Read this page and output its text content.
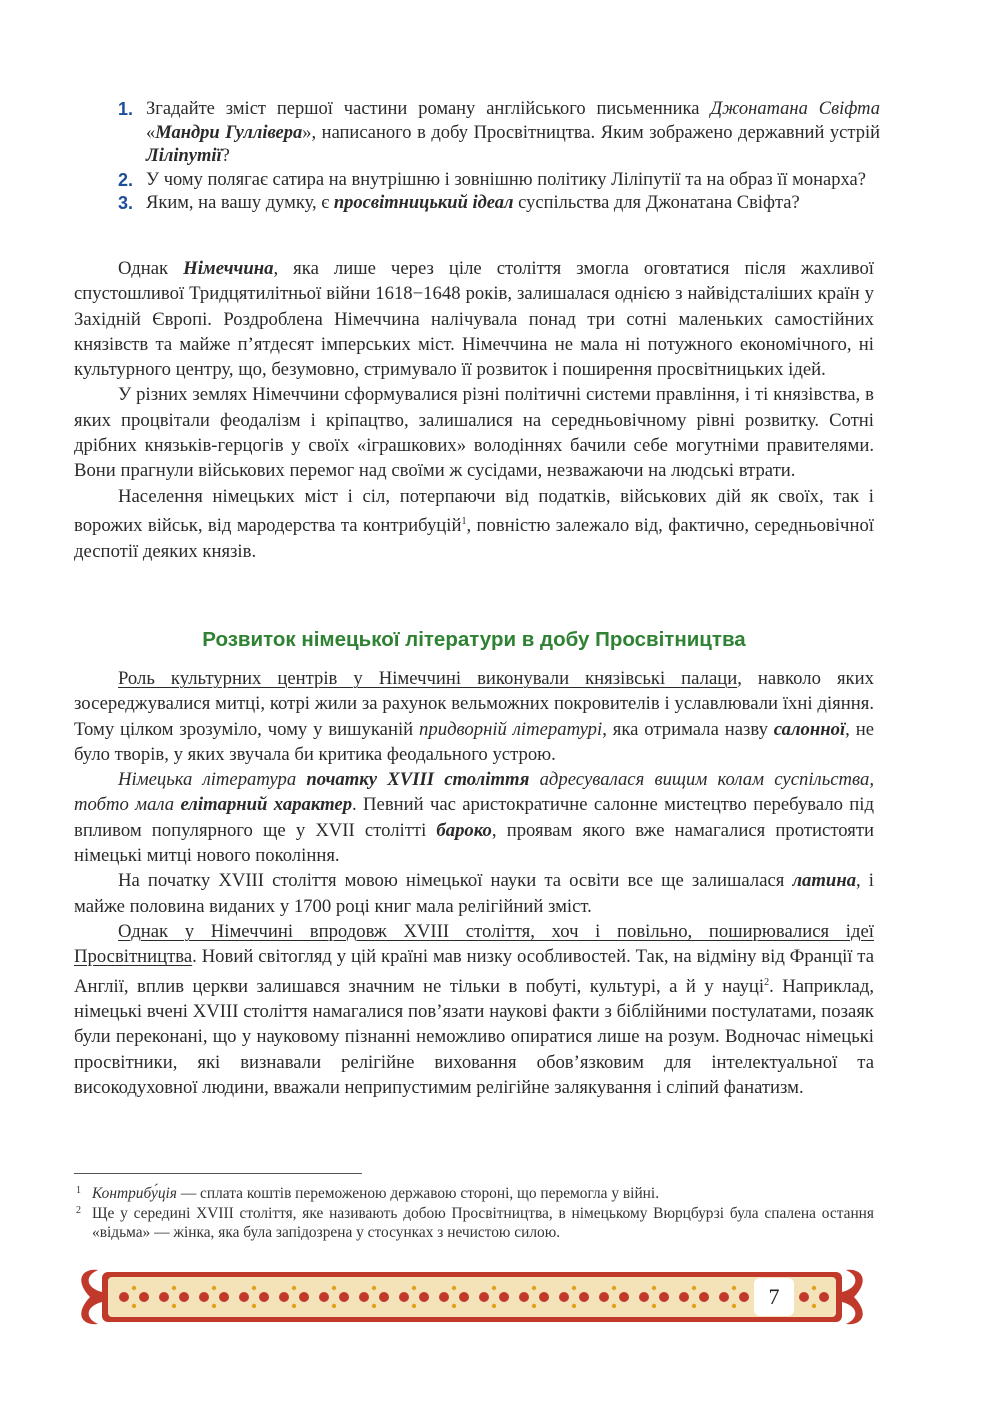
1. Згадайте зміст першої частини роману англійського письменника Джонатана Свіфта «Мандри Гуллівера», написаного в добу Просвітництва. Яким зображено державний устрій Ліліпутії?
2. У чому полягає сатира на внутрішню і зовнішню політику Ліліпутії та на образ її монарха?
3. Яким, на вашу думку, є просвітницький ідеал суспільства для Джонатана Свіфта?

Однак Німеччина, яка лише через ціле століття змогла оговтатися після жахливої спустошливої Тридцятилітньої війни 1618−1648 років, залишалася однією з найвідсталіших країн у Західній Європі. Роздроблена Німеччина налічувала понад три сотні маленьких самостійних князівств та майже п’ятдесят імперських міст. Німеччина не мала ні потужного економічного, ні культурного центру, що, безумовно, стримувало її розвиток і поширення просвітницьких ідей.

У різних землях Німеччини сформувалися різні політичні системи правління, і ті князівства, в яких процвітали феодалізм і кріпацтво, залишалися на середньовічному рівні розвитку. Сотні дрібних князьків-герцогів у своїх «іграшкових» володіннях бачили себе могутніми правителями. Вони прагнули військових перемог над своїми ж сусідами, незважаючи на людські втрати.

Населення німецьких міст і сіл, потерпаючи від податків, військових дій як своїх, так і ворожих військ, від мародерства та контрибуцій$^1$, повністю залежало від, фактично, середньовічної деспотії деяких князів.

Розвиток німецької літератури в добу Просвітництва

Роль культурних центрів у Німеччині виконували князівські палаци, навколо яких зосереджувалися митці, котрі жили за рахунок вельможних покровителів і уславлювали їхні діяння. Тому цілком зрозуміло, чому у вишуканій придворній літературі, яка отримала назву салонної, не було творів, у яких звучала би критика феодального устрою.

Німецька література початку XVIII століття адресувалася вищим колам суспільства, тобто мала елітарний характер. Певний час аристократичне салонне мистецтво перебувало під впливом популярного ще у XVII столітті бароко, проявам якого вже намагалися протистояти німецькі митці нового покоління.

На початку XVIII століття мовою німецької науки та освіти все ще залишалася латина, і майже половина виданих у 1700 році книг мала релігійний зміст.

Однак у Німеччині впродовж XVIII століття, хоч і повільно, поширювалися ідеї Просвітництва. Новий світогляд у цій країні мав низку особливостей. Так, на відміну від Франції та Англії, вплив церкви залишався значним не тільки в побуті, культурі, а й у науці$^2$. Наприклад, німецькі вчені XVIII століття намагалися пов’язати наукові факти з біблійними постулатами, позаяк були переконані, що у науковому пізнанні неможливо опиратися лише на розум. Водночас німецькі просвітники, які визнавали релігійне виховання обов’язковим для інтелектуальної та високодуховної людини, вважали неприпустимим релігійне залякування і сліпий фанатизм.

1 Контрибу́ція — сплата коштів переможеною державою стороні, що перемогла у війні.

2 Ще у середині XVIII століття, яке називають добою Просвітництва, в німецькому Вюрцбурзі була спалена остання «відьма» — жінка, яка була запідозрена у стосунках з нечистою силою.

7
